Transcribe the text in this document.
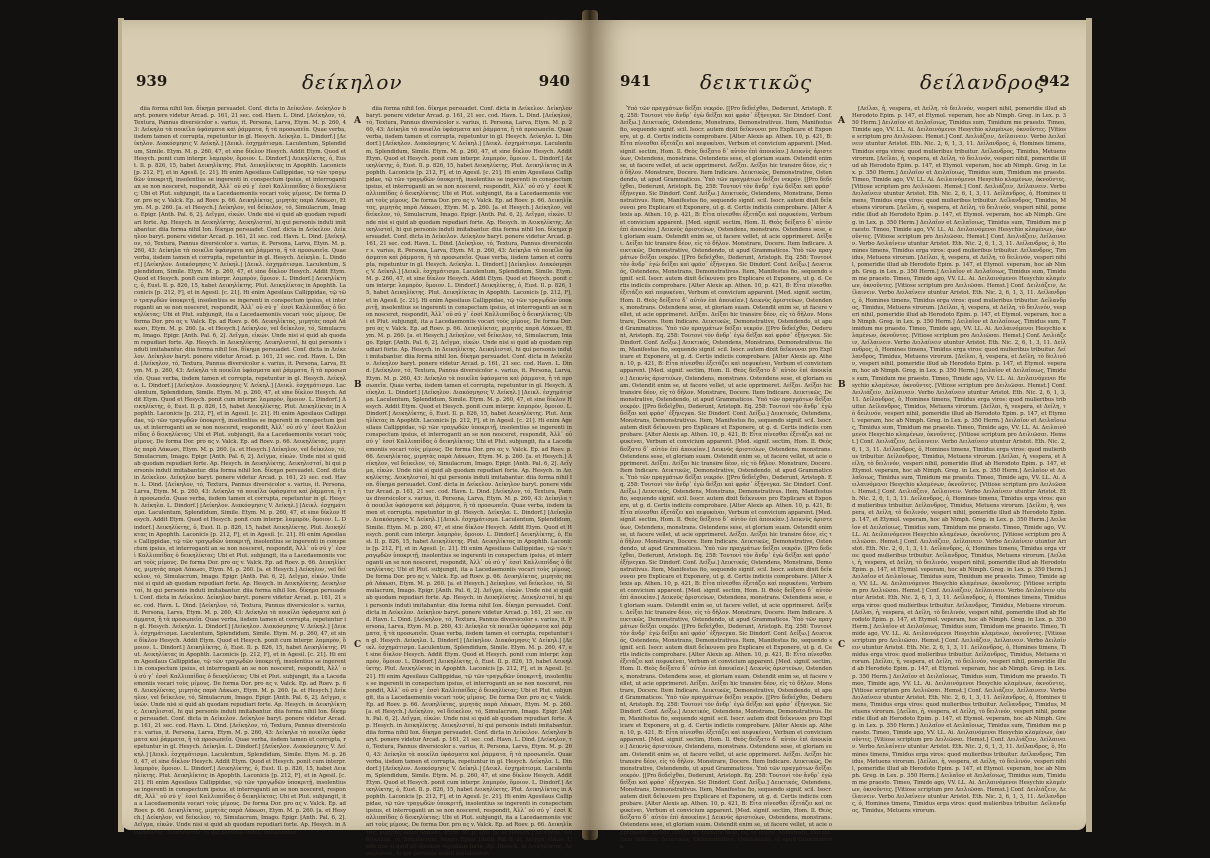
939	δείκηλον	940

diia forma nihil Ion. δίκημα persuadet. Conf. dicta in Δείκελον. Δείκηλον baryt. ponere videtur Arcad. p. 161, 21 sec. cod. Havn. L. Dind. [Δείκηλον, τό, Textura, Pannus diversicolor s. varius, it. Persona, Larva, Etym. M. p. 260, 43: Δείκηλα τὰ ποικίλα ὑφάσματα καὶ ῥάμματα, ἢ τὰ προσωπεῖα. Quae verba, iisdem tamen et corrupta, repetuntur in gl. Hesych. Δείκηλα. L. Dindorf.] [Δείκηλον. Διακόσμησις V. Δείκηλ.] [Δεικλ. ἐσχημάτισμα. Laculentum, Splendidum, Simile. Etym. M. p. 260, 47, et sine δίκλον Hesych. Addit Etym. Quod et Hesych. ponit cum interpr. λαμπρὸν, ὅμοιον. L. Dindorf.] Δεικηλίκτης, ὁ, Eust. Il. p. 826, 15, habet Δεικηλίκτης. Plut. Δεικηλίκτας in Apophth. Laconicis [p. 212, F], et in Agesil. [c. 21]. Hi enim Agesilaus Callippidae, τῷ τῶν τραγῳδῶν ὑποκριτῇ, insolentius se ingerenti in conspectum ipsius, et interroganti an se non nosceret, respondit, Ἀλλ᾽ οὐ σύ γ᾽ ἐσσὶ Καλλιππίδας ὁ δεικηλίκτας; Ubi et Plut. subjungit, ita a Lacedaemoniis vocari τοὺς μίμους. De forma Dor. pro ας v. Valck. Ep. ad Roev. p. 66. Δεικηλίκτας, μιμητὰς παρὰ Λάκωσι, Etym. M. p. 260. [a. et Hesych.] Δείκηλον, vel δείκελον, τό, Simulacrum, Imago. Epigr. [Anth. Pal. 6, 2]. Δεῖγμα, εἰκών. Unde nisi si quid ab quodam repudiari forte. Ap. Hesych. in Δεικηλίκτης. Δεικηλισταί, hi qui personis induti imitabantur. diia forma nihil Ion. δίκημα persuadet. Conf. dicta in Δείκελον. Δείκηλον baryt. ponere videtur Arcad. p. 161, 21 sec. cod. Havn. L. Dind. [Δείκηλον, τό, Textura, Pannus diversicolor s. varius, it. Persona, Larva, Etym. M. p. 260, 43: Δείκηλα τὰ ποικίλα ὑφάσματα καὶ ῥάμματα, ἢ τὰ προσωπεῖα. Quae verba, iisdem tamen et corrupta, repetuntur in gl. Hesych. Δείκηλα. L. Dindorf.] [Δείκηλον. Διακόσμησις V. Δείκηλ.] [Δεικλ. ἐσχημάτισμα. Laculentum, Splendidum, Simile. Etym. M. p. 260, 47, et sine δίκλον Hesych. Addit Etym. Quod et Hesych. ponit cum interpr. λαμπρὸν, ὅμοιον. L. Dindorf.] Δεικηλίκτης, ὁ, Eust. Il. p. 826, 15, habet Δεικηλίκτης. Plut. Δεικηλίκτας in Apophth. Laconicis [p. 212, F], et in Agesil. [c. 21]. Hi enim Agesilaus Callippidae, τῷ τῶν τραγῳδῶν ὑποκριτῇ, insolentius se ingerenti in conspectum ipsius, et interroganti an se non nosceret, respondit, Ἀλλ᾽ οὐ σύ γ᾽ ἐσσὶ Καλλιππίδας ὁ δεικηλίκτας; Ubi et Plut. subjungit, ita a Lacedaemoniis vocari τοὺς μίμους. De forma Dor. pro ας v. Valck. Ep. ad Roev. p. 66. Δεικηλίκτας, μιμητὰς παρὰ Λάκωσι, Etym. M. p. 260. [a. et Hesych.] Δείκηλον, vel δείκελον, τό, Simulacrum, Imago. Epigr. [Anth. Pal. 6, 2]. Δεῖγμα, εἰκών. Unde nisi si quid ab quodam repudiari forte. Ap. Hesych. in Δεικηλίκτης. Δεικηλισταί, hi qui personis induti imitabantur. diia forma nihil Ion. δίκημα persuadet. Conf. dicta in Δείκελον. Δείκηλον baryt. ponere videtur Arcad. p. 161, 21 sec. cod. Havn. L. Dind. [Δείκηλον, τό, Textura, Pannus diversicolor s. varius, it. Persona, Larva, Etym. M. p. 260, 43: Δείκηλα τὰ ποικίλα ὑφάσματα καὶ ῥάμματα, ἢ τὰ προσωπεῖα. Quae verba, iisdem tamen et corrupta, repetuntur in gl. Hesych. Δείκηλα. L. Dindorf.] [Δείκηλον. Διακόσμησις V. Δείκηλ.] [Δεικλ. ἐσχημάτισμα. Laculentum, Splendidum, Simile. Etym. M. p. 260, 47, et sine δίκλον Hesych. Addit Etym. Quod et Hesych. ponit cum interpr. λαμπρὸν, ὅμοιον. L. Dindorf.] Δεικηλίκτης, ὁ, Eust. Il. p. 826, 15, habet Δεικηλίκτης. Plut. Δεικηλίκτας in Apophth. Laconicis [p. 212, F], et in Agesil. [c. 21]. Hi enim Agesilaus Callippidae, τῷ τῶν τραγῳδῶν ὑποκριτῇ, insolentius se ingerenti in conspectum ipsius, et interroganti an se non nosceret, respondit, Ἀλλ᾽ οὐ σύ γ᾽ ἐσσὶ Καλλιππίδας ὁ δεικηλίκτας; Ubi et Plut. subjungit, ita a Lacedaemoniis vocari τοὺς μίμους. De forma Dor. pro ας v. Valck. Ep. ad Roev. p. 66. Δεικηλίκτας, μιμητὰς παρὰ Λάκωσι, Etym. M. p. 260. [a. et Hesych.] Δείκηλον, vel δείκελον, τό, Simulacrum, Imago. Epigr. [Anth. Pal. 6, 2]. Δεῖγμα, εἰκών. Unde nisi si quid ab quodam repudiari forte. Ap. Hesych. in Δεικηλίκτης. Δεικηλισταί, hi qui personis induti imitabantur. diia forma nihil Ion. δίκημα persuadet. Conf. dicta in Δείκελον. Δείκηλον baryt. ponere videtur Arcad. p. 161, 21 sec. cod. Havn. L. Dind. [Δείκηλον, τό, Textura, Pannus diversicolor s. varius, it. Persona, Larva, Etym. M. p. 260, 43: Δείκηλα τὰ ποικίλα ὑφάσματα καὶ ῥάμματα, ἢ τὰ προσωπεῖα. Quae verba, iisdem tamen et corrupta, repetuntur in gl. Hesych. Δείκηλα. L. Dindorf.] [Δείκηλον. Διακόσμησις V. Δείκηλ.] [Δεικλ. ἐσχημάτισμα. Laculentum, Splendidum, Simile. Etym. M. p. 260, 47, et sine δίκλον Hesych. Addit Etym. Quod et Hesych. ponit cum interpr. λαμπρὸν, ὅμοιον. L. Dindorf.] Δεικηλίκτης, ὁ, Eust. Il. p. 826, 15, habet Δεικηλίκτης. Plut. Δεικηλίκτας in Apophth. Laconicis [p. 212, F], et in Agesil. [c. 21]. Hi enim Agesilaus Callippidae, τῷ τῶν τραγῳδῶν ὑποκριτῇ, insolentius se ingerenti in conspectum ipsius, et interroganti an se non nosceret, respondit, Ἀλλ᾽ οὐ σύ γ᾽ ἐσσὶ Καλλιππίδας ὁ δεικηλίκτας; Ubi et Plut. subjungit, ita a Lacedaemoniis vocari τοὺς μίμους. De forma Dor. pro ας v. Valck. Ep. ad Roev. p. 66. Δεικηλίκτας, μιμητὰς παρὰ Λάκωσι, Etym. M. p. 260. [a. et Hesych.] Δείκηλον, vel δείκελον, τό, Simulacrum, Imago. Epigr. [Anth. Pal. 6, 2]. Δεῖγμα, εἰκών. Unde nisi si quid ab quodam repudiari forte. Ap. Hesych. in Δεικηλίκτης. Δεικηλισταί, hi qui personis induti imitabantur. diia forma nihil Ion. δίκημα persuadet. Conf. dicta in Δείκελον. Δείκηλον baryt. ponere videtur Arcad. p. 161, 21 sec. cod. Havn. L. Dind. [Δείκηλον, τό, Textura, Pannus diversicolor s. varius, it. Persona, Larva, Etym. M. p. 260, 43: Δείκηλα τὰ ποικίλα ὑφάσματα καὶ ῥάμματα, ἢ τὰ προσωπεῖα. Quae verba, iisdem tamen et corrupta, repetuntur in gl. Hesych. Δείκηλα. L. Dindorf.] [Δείκηλον. Διακόσμησις V. Δείκηλ.] [Δεικλ. ἐσχημάτισμα. Laculentum, Splendidum, Simile. Etym. M. p. 260, 47, et sine δίκλον Hesych. Addit Etym. Quod et Hesych. ponit cum interpr. λαμπρὸν, ὅμοιον. L. Dindorf.] Δεικηλίκτης, ὁ, Eust. Il. p. 826, 15, habet Δεικηλίκτης. Plut. Δεικηλίκτας in Apophth. Laconicis [p. 212, F], et in Agesil. [c. 21]. Hi enim Agesilaus Callippidae, τῷ τῶν τραγῳδῶν ὑποκριτῇ, insolentius se ingerenti in conspectum ipsius, et interroganti an se non nosceret, respondit, Ἀλλ᾽ οὐ σύ γ᾽ ἐσσὶ Καλλιππίδας ὁ δεικηλίκτας; Ubi et Plut. subjungit, ita a Lacedaemoniis vocari τοὺς μίμους. De forma Dor. pro ας v. Valck. Ep. ad Roev. p. 66. Δεικηλίκτας, μιμητὰς παρὰ Λάκωσι, Etym. M. p. 260. [a. et Hesych.] Δείκηλον, vel δείκελον, τό, Simulacrum, Imago. Epigr. [Anth. Pal. 6, 2]. Δεῖγμα, εἰκών. Unde nisi si quid ab quodam repudiari forte. Ap. Hesych. in Δεικηλίκτης. Δεικηλισταί, hi qui personis induti imitabantur. diia forma nihil Ion. δίκημα persuadet. Conf. dicta in Δείκελον. Δείκηλον baryt. ponere videtur Arcad. p. 161, 21 sec. cod. Havn. L. Dind. [Δείκηλον, τό, Textura, Pannus diversicolor s. varius, it. Persona, Larva, Etym. M. p. 260, 43: Δείκηλα τὰ ποικίλα ὑφάσματα καὶ ῥάμματα, ἢ τὰ προσωπεῖα. Quae verba, iisdem tamen et corrupta, repetuntur in gl. Hesych. Δείκηλα. L. Dindorf.] [Δείκηλον. Διακόσμησις V. Δείκηλ.] [Δεικλ. ἐσχημάτισμα. Laculentum, Splendidum, Simile. Etym. M. p. 260, 47, et sine δίκλον Hesych. Addit Etym. Quod et Hesych. ponit cum interpr. λαμπρὸν, ὅμοιον. L. Dindorf.] Δεικηλίκτης, ὁ, Eust. Il. p. 826, 15, habet Δεικηλίκτης. Plut. Δεικηλίκτας in Apophth. Laconicis [p. 212, F], et in Agesil. [c. 21]. Hi enim Agesilaus Callippidae, τῷ τῶν τραγῳδῶν ὑποκριτῇ, insolentius se ingerenti in conspectum ipsius, et interroganti an se non nosceret, respondit, Ἀλλ᾽ οὐ σύ γ᾽ ἐσσὶ Καλλιππίδας ὁ δεικηλίκτας; Ubi et Plut. subjungit, ita a Lacedaemoniis vocari τοὺς μίμους. De forma Dor. pro ας v. Valck. Ep. ad Roev. p. 66. Δεικηλίκτας, μιμητὰς παρὰ Λάκωσι, Etym. M. p. 260. [a. et Hesych.] Δείκηλον, vel δείκελον, τό, Simulacrum, Imago. Epigr. [Anth. Pal. 6, 2]. Δεῖγμα, εἰκών. Unde nisi si quid ab quodam repudiari forte. Ap. Hesych. in Δεικηλίκτης. Δεικηλισταί, hi qui personis induti imitabantur.

A
B
C

diia forma nihil Ion. δίκημα persuadet. Conf. dicta in Δείκελον. Δείκηλον baryt. ponere videtur Arcad. p. 161, 21 sec. cod. Havn. L. Dind. [Δείκηλον, τό, Textura, Pannus diversicolor s. varius, it. Persona, Larva, Etym. M. p. 260, 43: Δείκηλα τὰ ποικίλα ὑφάσματα καὶ ῥάμματα, ἢ τὰ προσωπεῖα. Quae verba, iisdem tamen et corrupta, repetuntur in gl. Hesych. Δείκηλα. L. Dindorf.] [Δείκηλον. Διακόσμησις V. Δείκηλ.] [Δεικλ. ἐσχημάτισμα. Laculentum, Splendidum, Simile. Etym. M. p. 260, 47, et sine δίκλον Hesych. Addit Etym. Quod et Hesych. ponit cum interpr. λαμπρὸν, ὅμοιον. L. Dindorf.] Δεικηλίκτης, ὁ, Eust. Il. p. 826, 15, habet Δεικηλίκτης. Plut. Δεικηλίκτας in Apophth. Laconicis [p. 212, F], et in Agesil. [c. 21]. Hi enim Agesilaus Callippidae, τῷ τῶν τραγῳδῶν ὑποκριτῇ, insolentius se ingerenti in conspectum ipsius, et interroganti an se non nosceret, respondit, Ἀλλ᾽ οὐ σύ γ᾽ ἐσσὶ Καλλιππίδας ὁ δεικηλίκτας; Ubi et Plut. subjungit, ita a Lacedaemoniis vocari τοὺς μίμους. De forma Dor. pro ας v. Valck. Ep. ad Roev. p. 66. Δεικηλίκτας, μιμητὰς παρὰ Λάκωσι, Etym. M. p. 260. [a. et Hesych.] Δείκηλον, vel δείκελον, τό, Simulacrum, Imago. Epigr. [Anth. Pal. 6, 2]. Δεῖγμα, εἰκών. Unde nisi si quid ab quodam repudiari forte. Ap. Hesych. in Δεικηλίκτης. Δεικηλισταί, hi qui personis induti imitabantur. diia forma nihil Ion. δίκημα persuadet. Conf. dicta in Δείκελον. Δείκηλον baryt. ponere videtur Arcad. p. 161, 21 sec. cod. Havn. L. Dind. [Δείκηλον, τό, Textura, Pannus diversicolor s. varius, it. Persona, Larva, Etym. M. p. 260, 43: Δείκηλα τὰ ποικίλα ὑφάσματα καὶ ῥάμματα, ἢ τὰ προσωπεῖα. Quae verba, iisdem tamen et corrupta, repetuntur in gl. Hesych. Δείκηλα. L. Dindorf.] [Δείκηλον. Διακόσμησις V. Δείκηλ.] [Δεικλ. ἐσχημάτισμα. Laculentum, Splendidum, Simile. Etym. M. p. 260, 47, et sine δίκλον Hesych. Addit Etym. Quod et Hesych. ponit cum interpr. λαμπρὸν, ὅμοιον. L. Dindorf.] Δεικηλίκτης, ὁ, Eust. Il. p. 826, 15, habet Δεικηλίκτης. Plut. Δεικηλίκτας in Apophth. Laconicis [p. 212, F], et in Agesil. [c. 21]. Hi enim Agesilaus Callippidae, τῷ τῶν τραγῳδῶν ὑποκριτῇ, insolentius se ingerenti in conspectum ipsius, et interroganti an se non nosceret, respondit, Ἀλλ᾽ οὐ σύ γ᾽ ἐσσὶ Καλλιππίδας ὁ δεικηλίκτας; Ubi et Plut. subjungit, ita a Lacedaemoniis vocari τοὺς μίμους. De forma Dor. pro ας v. Valck. Ep. ad Roev. p. 66. Δεικηλίκτας, μιμητὰς παρὰ Λάκωσι, Etym. M. p. 260. [a. et Hesych.] Δείκηλον, vel δείκελον, τό, Simulacrum, Imago. Epigr. [Anth. Pal. 6, 2]. Δεῖγμα, εἰκών. Unde nisi si quid ab quodam repudiari forte. Ap. Hesych. in Δεικηλίκτης. Δεικηλισταί, hi qui personis induti imitabantur. diia forma nihil Ion. δίκημα persuadet. Conf. dicta in Δείκελον. Δείκηλον baryt. ponere videtur Arcad. p. 161, 21 sec. cod. Havn. L. Dind. [Δείκηλον, τό, Textura, Pannus diversicolor s. varius, it. Persona, Larva, Etym. M. p. 260, 43: Δείκηλα τὰ ποικίλα ὑφάσματα καὶ ῥάμματα, ἢ τὰ προσωπεῖα. Quae verba, iisdem tamen et corrupta, repetuntur in gl. Hesych. Δείκηλα. L. Dindorf.] [Δείκηλον. Διακόσμησις V. Δείκηλ.] [Δεικλ. ἐσχημάτισμα. Laculentum, Splendidum, Simile. Etym. M. p. 260, 47, et sine δίκλον Hesych. Addit Etym. Quod et Hesych. ponit cum interpr. λαμπρὸν, ὅμοιον. L. Dindorf.] Δεικηλίκτης, ὁ, Eust. Il. p. 826, 15, habet Δεικηλίκτης. Plut. Δεικηλίκτας in Apophth. Laconicis [p. 212, F], et in Agesil. [c. 21]. Hi enim Agesilaus Callippidae, τῷ τῶν τραγῳδῶν ὑποκριτῇ, insolentius se ingerenti in conspectum ipsius, et interroganti an se non nosceret, respondit, Ἀλλ᾽ οὐ σύ γ᾽ ἐσσὶ Καλλιππίδας ὁ δεικηλίκτας; Ubi et Plut. subjungit, ita a Lacedaemoniis vocari τοὺς μίμους. De forma Dor. pro ας v. Valck. Ep. ad Roev. p. 66. Δεικηλίκτας, μιμητὰς παρὰ Λάκωσι, Etym. M. p. 260. [a. et Hesych.] Δείκηλον, vel δείκελον, τό, Simulacrum, Imago. Epigr. [Anth. Pal. 6, 2]. Δεῖγμα, εἰκών. Unde nisi si quid ab quodam repudiari forte. Ap. Hesych. in Δεικηλίκτης. Δεικηλισταί, hi qui personis induti imitabantur. diia forma nihil Ion. δίκημα persuadet. Conf. dicta in Δείκελον. Δείκηλον baryt. ponere videtur Arcad. p. 161, 21 sec. cod. Havn. L. Dind. [Δείκηλον, τό, Textura, Pannus diversicolor s. varius, it. Persona, Larva, Etym. M. p. 260, 43: Δείκηλα τὰ ποικίλα ὑφάσματα καὶ ῥάμματα, ἢ τὰ προσωπεῖα. Quae verba, iisdem tamen et corrupta, repetuntur in gl. Hesych. Δείκηλα. L. Dindorf.] [Δείκηλον. Διακόσμησις V. Δείκηλ.] [Δεικλ. ἐσχημάτισμα. Laculentum, Splendidum, Simile. Etym. M. p. 260, 47, et sine δίκλον Hesych. Addit Etym. Quod et Hesych. ponit cum interpr. λαμπρὸν, ὅμοιον. L. Dindorf.] Δεικηλίκτης, ὁ, Eust. Il. p. 826, 15, habet Δεικηλίκτης. Plut. Δεικηλίκτας in Apophth. Laconicis [p. 212, F], et in Agesil. [c. 21]. Hi enim Agesilaus Callippidae, τῷ τῶν τραγῳδῶν ὑποκριτῇ, insolentius se ingerenti in conspectum ipsius, et interroganti an se non nosceret, respondit, Ἀλλ᾽ οὐ σύ γ᾽ ἐσσὶ Καλλιππίδας ὁ δεικηλίκτας; Ubi et Plut. subjungit, ita a Lacedaemoniis vocari τοὺς μίμους. De forma Dor. pro ας v. Valck. Ep. ad Roev. p. 66. Δεικηλίκτας, μιμητὰς παρὰ Λάκωσι, Etym. M. p. 260. [a. et Hesych.] Δείκηλον, vel δείκελον, τό, Simulacrum, Imago. Epigr. [Anth. Pal. 6, 2]. Δεῖγμα, εἰκών. Unde nisi si quid ab quodam repudiari forte. Ap. Hesych. in Δεικηλίκτης. Δεικηλισταί, hi qui personis induti imitabantur. diia forma nihil Ion. δίκημα persuadet. Conf. dicta in Δείκελον. Δείκηλον baryt. ponere videtur Arcad. p. 161, 21 sec. cod. Havn. L. Dind. [Δείκηλον, τό, Textura, Pannus diversicolor s. varius, it. Persona, Larva, Etym. M. p. 260, 43: Δείκηλα τὰ ποικίλα ὑφάσματα καὶ ῥάμματα, ἢ τὰ προσωπεῖα. Quae verba, iisdem tamen et corrupta, repetuntur in gl. Hesych. Δείκηλα. L. Dindorf.] [Δείκηλον. Διακόσμησις V. Δείκηλ.] [Δεικλ. ἐσχημάτισμα. Laculentum, Splendidum, Simile. Etym. M. p. 260, 47, et sine δίκλον Hesych. Addit Etym. Quod et Hesych. ponit cum interpr. λαμπρὸν, ὅμοιον. L. Dindorf.] Δεικηλίκτης, ὁ, Eust. Il. p. 826, 15, habet Δεικηλίκτης. Plut. Δεικηλίκτας in Apophth. Laconicis [p. 212, F], et in Agesil. [c. 21]. Hi enim Agesilaus Callippidae, τῷ τῶν τραγῳδῶν ὑποκριτῇ, insolentius se ingerenti in conspectum ipsius, et interroganti an se non nosceret, respondit, Ἀλλ᾽ οὐ σύ γ᾽ ἐσσὶ Καλλιππίδας ὁ δεικηλίκτας; Ubi et Plut. subjungit, ita a Lacedaemoniis vocari τοὺς μίμους. De forma Dor. pro ας v. Valck. Ep. ad Roev. p. 66. Δεικηλίκτας, μιμητὰς παρὰ Λάκωσι, Etym. M. p. 260. [a. et Hesych.] Δείκηλον, vel δείκελον, τό, Simulacrum, Imago. Epigr. [Anth. Pal. 6, 2]. Δεῖγμα, εἰκών. Unde nisi si quid ab quodam repudiari forte. Ap. Hesych. in Δεικηλίκτης. Δεικηλισταί, hi qui personis induti imitabantur. diia forma nihil Ion. δίκημα persuadet. Conf. dicta in Δείκελον. Δείκηλον baryt. ponere videtur Arcad. p. 161, 21 sec. cod. Havn. L. Dind. [Δείκηλον, τό, Textura, Pannus diversicolor s. varius, it. Persona, Larva, Etym. M. p. 260, 43: Δείκηλα τὰ ποικίλα ὑφάσματα καὶ ῥάμματα, ἢ τὰ προσωπεῖα. Quae verba, iisdem tamen et corrupta, repetuntur in gl. Hesych. Δείκηλα. L. Dindorf.] [Δείκηλον. Διακόσμησις V. Δείκηλ.] [Δεικλ. ἐσχημάτισμα. Laculentum, Splendidum, Simile. Etym. M. p. 260, 47, et sine δίκλον Hesych. Addit Etym. Quod et Hesych. ponit cum interpr. λαμπρὸν, ὅμοιον. L. Dindorf.] Δεικηλίκτης, ὁ, Eust. Il. p. 826, 15, habet Δεικηλίκτης. Plut. Δεικηλίκτας in Apophth. Laconicis [p. 212, F], et in Agesil. [c. 21]. Hi enim Agesilaus Callippidae, τῷ τῶν τραγῳδῶν ὑποκριτῇ, insolentius se ingerenti in conspectum ipsius, et interroganti an se non nosceret, respondit, Ἀλλ᾽ οὐ σύ γ᾽ ἐσσὶ Καλλιππίδας ὁ δεικηλίκτας; Ubi et Plut. subjungit, ita a Lacedaemoniis vocari τοὺς μίμους. De forma Dor. pro ας v. Valck. Ep. ad Roev. p. 66. Δεικηλίκτας, μιμητὰς παρὰ Λάκωσι, Etym. M. p. 260. [a. et Hesych.] Δείκηλον, vel δείκελον, τό, Simulacrum, Imago. Epigr. [Anth. Pal. 6, 2]. Δεῖγμα, εἰκών. Unde nisi si quid ab quodam repudiari forte. Ap. Hesych. in Δεικηλίκτης. Δεικηλισταί, hi qui personis induti imitabantur.

941 δεικτικῶς	δείλανδρος
942

Ὑπὸ τῶν πραγμάτων δεῖξαι νεκρόν. [[Pro δεδεῖχθαι, Dederunt, Aristoph. Eq. 258: Τουτονὶ τὸν ἄνδρ᾽ ἐγὼ δεῖξαι καὶ φράσ᾽ ἐξήνεγκα. Sic Dindorf. Conf. Δείξω.] Δεικτικός, Ostendens, Monstrans, Demonstrativus. Item, Manifestus fio, sequendo signif. scil. Isocr. autem dixit δεῖκνυναι pro Explicare et Exponere, ut g. d. Certis indiciis comprobare. [Alter Alexis ap. Athen. 10, p. 421, B: Εἶτα πίνεσθαι ἐξετάζει καὶ πεφυκέναι, Verbum et convicium apparent. [Med. signif. sectim, Hom. Il. Θεὸς δείξατο δ᾽ αὐτὸν ἐπὶ ἀποικίαν.] Δεικνὺς ἀριστεύων, Ostendens, monstrans. Ostendens sese, et gloriam suam. Ostendit enim se, ut facere vellet, ut acie opprimeret. Δεῖξαι. Δείξαι hic transire δέον, εἰς τὸ δῆλον. Monstrare, Docere. Item Indicare. Δεικτικῶς, Demonstrative, Ostendendo, ut apud Grammaticos. Ὑπὸ τῶν πραγμάτων δεῖξαι νεκρόν. [[Pro δεδεῖχθαι, Dederunt, Aristoph. Eq. 258: Τουτονὶ τὸν ἄνδρ᾽ ἐγὼ δεῖξαι καὶ φράσ᾽ ἐξήνεγκα. Sic Dindorf. Conf. Δείξω.] Δεικτικός, Ostendens, Monstrans, Demonstrativus. Item, Manifestus fio, sequendo signif. scil. Isocr. autem dixit δεῖκνυναι pro Explicare et Exponere, ut g. d. Certis indiciis comprobare. [Alter Alexis ap. Athen. 10, p. 421, B: Εἶτα πίνεσθαι ἐξετάζει καὶ πεφυκέναι, Verbum et convicium apparent. [Med. signif. sectim, Hom. Il. Θεὸς δείξατο δ᾽ αὐτὸν ἐπὶ ἀποικίαν.] Δεικνὺς ἀριστεύων, Ostendens, monstrans. Ostendens sese, et gloriam suam. Ostendit enim se, ut facere vellet, ut acie opprimeret. Δεῖξαι. Δείξαι hic transire δέον, εἰς τὸ δῆλον. Monstrare, Docere. Item Indicare. Δεικτικῶς, Demonstrative, Ostendendo, ut apud Grammaticos. Ὑπὸ τῶν πραγμάτων δεῖξαι νεκρόν. [[Pro δεδεῖχθαι, Dederunt, Aristoph. Eq. 258: Τουτονὶ τὸν ἄνδρ᾽ ἐγὼ δεῖξαι καὶ φράσ᾽ ἐξήνεγκα. Sic Dindorf. Conf. Δείξω.] Δεικτικός, Ostendens, Monstrans, Demonstrativus. Item, Manifestus fio, sequendo signif. scil. Isocr. autem dixit δεῖκνυναι pro Explicare et Exponere, ut g. d. Certis indiciis comprobare. [Alter Alexis ap. Athen. 10, p. 421, B: Εἶτα πίνεσθαι ἐξετάζει καὶ πεφυκέναι, Verbum et convicium apparent. [Med. signif. sectim, Hom. Il. Θεὸς δείξατο δ᾽ αὐτὸν ἐπὶ ἀποικίαν.] Δεικνὺς ἀριστεύων, Ostendens, monstrans. Ostendens sese, et gloriam suam. Ostendit enim se, ut facere vellet, ut acie opprimeret. Δεῖξαι. Δείξαι hic transire δέον, εἰς τὸ δῆλον. Monstrare, Docere. Item Indicare. Δεικτικῶς, Demonstrative, Ostendendo, ut apud Grammaticos. Ὑπὸ τῶν πραγμάτων δεῖξαι νεκρόν. [[Pro δεδεῖχθαι, Dederunt, Aristoph. Eq. 258: Τουτονὶ τὸν ἄνδρ᾽ ἐγὼ δεῖξαι καὶ φράσ᾽ ἐξήνεγκα. Sic Dindorf. Conf. Δείξω.] Δεικτικός, Ostendens, Monstrans, Demonstrativus. Item, Manifestus fio, sequendo signif. scil. Isocr. autem dixit δεῖκνυναι pro Explicare et Exponere, ut g. d. Certis indiciis comprobare. [Alter Alexis ap. Athen. 10, p. 421, B: Εἶτα πίνεσθαι ἐξετάζει καὶ πεφυκέναι, Verbum et convicium apparent. [Med. signif. sectim, Hom. Il. Θεὸς δείξατο δ᾽ αὐτὸν ἐπὶ ἀποικίαν.] Δεικνὺς ἀριστεύων, Ostendens, monstrans. Ostendens sese, et gloriam suam. Ostendit enim se, ut facere vellet, ut acie opprimeret. Δεῖξαι. Δείξαι hic transire δέον, εἰς τὸ δῆλον. Monstrare, Docere. Item Indicare. Δεικτικῶς, Demonstrative, Ostendendo, ut apud Grammaticos. Ὑπὸ τῶν πραγμάτων δεῖξαι νεκρόν. [[Pro δεδεῖχθαι, Dederunt, Aristoph. Eq. 258: Τουτονὶ τὸν ἄνδρ᾽ ἐγὼ δεῖξαι καὶ φράσ᾽ ἐξήνεγκα. Sic Dindorf. Conf. Δείξω.] Δεικτικός, Ostendens, Monstrans, Demonstrativus. Item, Manifestus fio, sequendo signif. scil. Isocr. autem dixit δεῖκνυναι pro Explicare et Exponere, ut g. d. Certis indiciis comprobare. [Alter Alexis ap. Athen. 10, p. 421, B: Εἶτα πίνεσθαι ἐξετάζει καὶ πεφυκέναι, Verbum et convicium apparent. [Med. signif. sectim, Hom. Il. Θεὸς δείξατο δ᾽ αὐτὸν ἐπὶ ἀποικίαν.] Δεικνὺς ἀριστεύων, Ostendens, monstrans. Ostendens sese, et gloriam suam. Ostendit enim se, ut facere vellet, ut acie opprimeret. Δεῖξαι. Δείξαι hic transire δέον, εἰς τὸ δῆλον. Monstrare, Docere. Item Indicare. Δεικτικῶς, Demonstrative, Ostendendo, ut apud Grammaticos. Ὑπὸ τῶν πραγμάτων δεῖξαι νεκρόν. [[Pro δεδεῖχθαι, Dederunt, Aristoph. Eq. 258: Τουτονὶ τὸν ἄνδρ᾽ ἐγὼ δεῖξαι καὶ φράσ᾽ ἐξήνεγκα. Sic Dindorf. Conf. Δείξω.] Δεικτικός, Ostendens, Monstrans, Demonstrativus. Item, Manifestus fio, sequendo signif. scil. Isocr. autem dixit δεῖκνυναι pro Explicare et Exponere, ut g. d. Certis indiciis comprobare. [Alter Alexis ap. Athen. 10, p. 421, B: Εἶτα πίνεσθαι ἐξετάζει καὶ πεφυκέναι, Verbum et convicium apparent. [Med. signif. sectim, Hom. Il. Θεὸς δείξατο δ᾽ αὐτὸν ἐπὶ ἀποικίαν.] Δεικνὺς ἀριστεύων, Ostendens, monstrans. Ostendens sese, et gloriam suam. Ostendit enim se, ut facere vellet, ut acie opprimeret. Δεῖξαι. Δείξαι hic transire δέον, εἰς τὸ δῆλον. Monstrare, Docere. Item Indicare. Δεικτικῶς, Demonstrative, Ostendendo, ut apud Grammaticos. Ὑπὸ τῶν πραγμάτων δεῖξαι νεκρόν. [[Pro δεδεῖχθαι, Dederunt, Aristoph. Eq. 258: Τουτονὶ τὸν ἄνδρ᾽ ἐγὼ δεῖξαι καὶ φράσ᾽ ἐξήνεγκα. Sic Dindorf. Conf. Δείξω.] Δεικτικός, Ostendens, Monstrans, Demonstrativus. Item, Manifestus fio, sequendo signif. scil. Isocr. autem dixit δεῖκνυναι pro Explicare et Exponere, ut g. d. Certis indiciis comprobare. [Alter Alexis ap. Athen. 10, p. 421, B: Εἶτα πίνεσθαι ἐξετάζει καὶ πεφυκέναι, Verbum et convicium apparent. [Med. signif. sectim, Hom. Il. Θεὸς δείξατο δ᾽ αὐτὸν ἐπὶ ἀποικίαν.] Δεικνὺς ἀριστεύων, Ostendens, monstrans. Ostendens sese, et gloriam suam. Ostendit enim se, ut facere vellet, ut acie opprimeret. Δεῖξαι. Δείξαι hic transire δέον, εἰς τὸ δῆλον. Monstrare, Docere. Item Indicare. Δεικτικῶς, Demonstrative, Ostendendo, ut apud Grammaticos. Ὑπὸ τῶν πραγμάτων δεῖξαι νεκρόν. [[Pro δεδεῖχθαι, Dederunt, Aristoph. Eq. 258: Τουτονὶ τὸν ἄνδρ᾽ ἐγὼ δεῖξαι καὶ φράσ᾽ ἐξήνεγκα. Sic Dindorf. Conf. Δείξω.] Δεικτικός, Ostendens, Monstrans, Demonstrativus. Item, Manifestus fio, sequendo signif. scil. Isocr. autem dixit δεῖκνυναι pro Explicare et Exponere, ut g. d. Certis indiciis comprobare. [Alter Alexis ap. Athen. 10, p. 421, B: Εἶτα πίνεσθαι ἐξετάζει καὶ πεφυκέναι, Verbum et convicium apparent. [Med. signif. sectim, Hom. Il. Θεὸς δείξατο δ᾽ αὐτὸν ἐπὶ ἀποικίαν.] Δεικνὺς ἀριστεύων, Ostendens, monstrans. Ostendens sese, et gloriam suam. Ostendit enim se, ut facere vellet, ut acie opprimeret. Δεῖξαι. Δείξαι hic transire δέον, εἰς τὸ δῆλον. Monstrare, Docere. Item Indicare. Δεικτικῶς, Demonstrative, Ostendendo, ut apud Grammaticos. Ὑπὸ τῶν πραγμάτων δεῖξαι νεκρόν. [[Pro δεδεῖχθαι, Dederunt, Aristoph. Eq. 258: Τουτονὶ τὸν ἄνδρ᾽ ἐγὼ δεῖξαι καὶ φράσ᾽ ἐξήνεγκα. Sic Dindorf. Conf. Δείξω.] Δεικτικός, Ostendens, Monstrans, Demonstrativus. Item, Manifestus fio, sequendo signif. scil. Isocr. autem dixit δεῖκνυναι pro Explicare et Exponere, ut g. d. Certis indiciis comprobare. [Alter Alexis ap. Athen. 10, p. 421, B: Εἶτα πίνεσθαι ἐξετάζει καὶ πεφυκέναι, Verbum et convicium apparent. [Med. signif. sectim, Hom. Il. Θεὸς δείξατο δ᾽ αὐτὸν ἐπὶ ἀποικίαν.] Δεικνὺς ἀριστεύων, Ostendens, monstrans. Ostendens sese, et gloriam suam. Ostendit enim se, ut facere vellet, ut acie opprimeret. Δεῖξαι. Δείξαι hic transire δέον, εἰς τὸ δῆλον. Monstrare, Docere. Item Indicare. Δεικτικῶς, Demonstrative, Ostendendo, ut apud Grammaticos. Ὑπὸ τῶν πραγμάτων δεῖξαι νεκρόν. [[Pro δεδεῖχθαι, Dederunt, Aristoph. Eq. 258: Τουτονὶ τὸν ἄνδρ᾽ ἐγὼ δεῖξαι καὶ φράσ᾽ ἐξήνεγκα. Sic Dindorf. Conf. Δείξω.] Δεικτικός, Ostendens, Monstrans, Demonstrativus. Item, Manifestus fio, sequendo signif. scil. Isocr. autem dixit δεῖκνυναι pro Explicare et Exponere, ut g. d. Certis indiciis comprobare. [Alter Alexis ap. Athen. 10, p. 421, B: Εἶτα πίνεσθαι ἐξετάζει καὶ πεφυκέναι, Verbum et convicium apparent. [Med. signif. sectim, Hom. Il. Θεὸς δείξατο δ᾽ αὐτὸν ἐπὶ ἀποικίαν.] Δεικνὺς ἀριστεύων, Ostendens, monstrans. Ostendens sese, et gloriam suam. Ostendit enim se, ut facere vellet, ut acie opprimeret. Δεῖξαι. Δείξαι hic transire δέον, εἰς τὸ δῆλον. Monstrare, Docere. Item Indicare. Δεικτικῶς, Demonstrative, Ostendendo, ut apud Grammaticos.

A
B
C

[Δείλαι, ἡ, vespera, et Δείλη, τὸ δειλινόν, vesperi nihil, pomeridie illud ab Herodoto Epim. p. 147, et Etymol. veperam, hoc ab Nimph. Greg. in Lex. p. 350 Herm.] Δειλαῖον et Δειλαῖοιως, Timidus sum, Timidum me praesto. Timeo, Timide ago, VV. LL. Ai. Δειλαινόμενοι Hesychio κλαμένων, ὀκνοῦντες. [Vitiose scriptum pro Δειλιῶσαι. Hemst.] Conf. Δειλιάζειν, Δείλαινειν. Verbo Δειλαίνειν utuntur Aristot. Eth. Nic. 2, 6, 1, 3, 11. Δείλανδρος, ὁ, Homines timens, Timidus erga viros: quod mulieribus tribuitur. Δείλανδρος, Timidus, Metuens virorum. [Δείλαι, ἡ, vespera, et Δείλη, τὸ δειλινόν, vesperi nihil, pomeridie illud ab Herodoto Epim. p. 147, et Etymol. veperam, hoc ab Nimph. Greg. in Lex. p. 350 Herm.] Δειλαῖον et Δειλαῖοιως, Timidus sum, Timidum me praesto. Timeo, Timide ago, VV. LL. Ai. Δειλαινόμενοι Hesychio κλαμένων, ὀκνοῦντες. [Vitiose scriptum pro Δειλιῶσαι. Hemst.] Conf. Δειλιάζειν, Δείλαινειν. Verbo Δειλαίνειν utuntur Aristot. Eth. Nic. 2, 6, 1, 3, 11. Δείλανδρος, ὁ, Homines timens, Timidus erga viros: quod mulieribus tribuitur. Δείλανδρος, Timidus, Metuens virorum. [Δείλαι, ἡ, vespera, et Δείλη, τὸ δειλινόν, vesperi nihil, pomeridie illud ab Herodoto Epim. p. 147, et Etymol. veperam, hoc ab Nimph. Greg. in Lex. p. 350 Herm.] Δειλαῖον et Δειλαῖοιως, Timidus sum, Timidum me praesto. Timeo, Timide ago, VV. LL. Ai. Δειλαινόμενοι Hesychio κλαμένων, ὀκνοῦντες. [Vitiose scriptum pro Δειλιῶσαι. Hemst.] Conf. Δειλιάζειν, Δείλαινειν. Verbo Δειλαίνειν utuntur Aristot. Eth. Nic. 2, 6, 1, 3, 11. Δείλανδρος, ὁ, Homines timens, Timidus erga viros: quod mulieribus tribuitur. Δείλανδρος, Timidus, Metuens virorum. [Δείλαι, ἡ, vespera, et Δείλη, τὸ δειλινόν, vesperi nihil, pomeridie illud ab Herodoto Epim. p. 147, et Etymol. veperam, hoc ab Nimph. Greg. in Lex. p. 350 Herm.] Δειλαῖον et Δειλαῖοιως, Timidus sum, Timidum me praesto. Timeo, Timide ago, VV. LL. Ai. Δειλαινόμενοι Hesychio κλαμένων, ὀκνοῦντες. [Vitiose scriptum pro Δειλιῶσαι. Hemst.] Conf. Δειλιάζειν, Δείλαινειν. Verbo Δειλαίνειν utuntur Aristot. Eth. Nic. 2, 6, 1, 3, 11. Δείλανδρος, ὁ, Homines timens, Timidus erga viros: quod mulieribus tribuitur. Δείλανδρος, Timidus, Metuens virorum. [Δείλαι, ἡ, vespera, et Δείλη, τὸ δειλινόν, vesperi nihil, pomeridie illud ab Herodoto Epim. p. 147, et Etymol. veperam, hoc ab Nimph. Greg. in Lex. p. 350 Herm.] Δειλαῖον et Δειλαῖοιως, Timidus sum, Timidum me praesto. Timeo, Timide ago, VV. LL. Ai. Δειλαινόμενοι Hesychio κλαμένων, ὀκνοῦντες. [Vitiose scriptum pro Δειλιῶσαι. Hemst.] Conf. Δειλιάζειν, Δείλαινειν. Verbo Δειλαίνειν utuntur Aristot. Eth. Nic. 2, 6, 1, 3, 11. Δείλανδρος, ὁ, Homines timens, Timidus erga viros: quod mulieribus tribuitur. Δείλανδρος, Timidus, Metuens virorum. [Δείλαι, ἡ, vespera, et Δείλη, τὸ δειλινόν, vesperi nihil, pomeridie illud ab Herodoto Epim. p. 147, et Etymol. veperam, hoc ab Nimph. Greg. in Lex. p. 350 Herm.] Δειλαῖον et Δειλαῖοιως, Timidus sum, Timidum me praesto. Timeo, Timide ago, VV. LL. Ai. Δειλαινόμενοι Hesychio κλαμένων, ὀκνοῦντες. [Vitiose scriptum pro Δειλιῶσαι. Hemst.] Conf. Δειλιάζειν, Δείλαινειν. Verbo Δειλαίνειν utuntur Aristot. Eth. Nic. 2, 6, 1, 3, 11. Δείλανδρος, ὁ, Homines timens, Timidus erga viros: quod mulieribus tribuitur. Δείλανδρος, Timidus, Metuens virorum. [Δείλαι, ἡ, vespera, et Δείλη, τὸ δειλινόν, vesperi nihil, pomeridie illud ab Herodoto Epim. p. 147, et Etymol. veperam, hoc ab Nimph. Greg. in Lex. p. 350 Herm.] Δειλαῖον et Δειλαῖοιως, Timidus sum, Timidum me praesto. Timeo, Timide ago, VV. LL. Ai. Δειλαινόμενοι Hesychio κλαμένων, ὀκνοῦντες. [Vitiose scriptum pro Δειλιῶσαι. Hemst.] Conf. Δειλιάζειν, Δείλαινειν. Verbo Δειλαίνειν utuntur Aristot. Eth. Nic. 2, 6, 1, 3, 11. Δείλανδρος, ὁ, Homines timens, Timidus erga viros: quod mulieribus tribuitur. Δείλανδρος, Timidus, Metuens virorum. [Δείλαι, ἡ, vespera, et Δείλη, τὸ δειλινόν, vesperi nihil, pomeridie illud ab Herodoto Epim. p. 147, et Etymol. veperam, hoc ab Nimph. Greg. in Lex. p. 350 Herm.] Δειλαῖον et Δειλαῖοιως, Timidus sum, Timidum me praesto. Timeo, Timide ago, VV. LL. Ai. Δειλαινόμενοι Hesychio κλαμένων, ὀκνοῦντες. [Vitiose scriptum pro Δειλιῶσαι. Hemst.] Conf. Δειλιάζειν, Δείλαινειν. Verbo Δειλαίνειν utuntur Aristot. Eth. Nic. 2, 6, 1, 3, 11. Δείλανδρος, ὁ, Homines timens, Timidus erga viros: quod mulieribus tribuitur. Δείλανδρος, Timidus, Metuens virorum. [Δείλαι, ἡ, vespera, et Δείλη, τὸ δειλινόν, vesperi nihil, pomeridie illud ab Herodoto Epim. p. 147, et Etymol. veperam, hoc ab Nimph. Greg. in Lex. p. 350 Herm.] Δειλαῖον et Δειλαῖοιως, Timidus sum, Timidum me praesto. Timeo, Timide ago, VV. LL. Ai. Δειλαινόμενοι Hesychio κλαμένων, ὀκνοῦντες. [Vitiose scriptum pro Δειλιῶσαι. Hemst.] Conf. Δειλιάζειν, Δείλαινειν. Verbo Δειλαίνειν utuntur Aristot. Eth. Nic. 2, 6, 1, 3, 11. Δείλανδρος, ὁ, Homines timens, Timidus erga viros: quod mulieribus tribuitur. Δείλανδρος, Timidus, Metuens virorum. [Δείλαι, ἡ, vespera, et Δείλη, τὸ δειλινόν, vesperi nihil, pomeridie illud ab Herodoto Epim. p. 147, et Etymol. veperam, hoc ab Nimph. Greg. in Lex. p. 350 Herm.] Δειλαῖον et Δειλαῖοιως, Timidus sum, Timidum me praesto. Timeo, Timide ago, VV. LL. Ai. Δειλαινόμενοι Hesychio κλαμένων, ὀκνοῦντες. [Vitiose scriptum pro Δειλιῶσαι. Hemst.] Conf. Δειλιάζειν, Δείλαινειν. Verbo Δειλαίνειν utuntur Aristot. Eth. Nic. 2, 6, 1, 3, 11. Δείλανδρος, ὁ, Homines timens, Timidus erga viros: quod mulieribus tribuitur. Δείλανδρος, Timidus, Metuens virorum. [Δείλαι, ἡ, vespera, et Δείλη, τὸ δειλινόν, vesperi nihil, pomeridie illud ab Herodoto Epim. p. 147, et Etymol. veperam, hoc ab Nimph. Greg. in Lex. p. 350 Herm.] Δειλαῖον et Δειλαῖοιως, Timidus sum, Timidum me praesto. Timeo, Timide ago, VV. LL. Ai. Δειλαινόμενοι Hesychio κλαμένων, ὀκνοῦντες. [Vitiose scriptum pro Δειλιῶσαι. Hemst.] Conf. Δειλιάζειν, Δείλαινειν. Verbo Δειλαίνειν utuntur Aristot. Eth. Nic. 2, 6, 1, 3, 11. Δείλανδρος, ὁ, Homines timens, Timidus erga viros: quod mulieribus tribuitur. Δείλανδρος, Timidus, Metuens virorum. [Δείλαι, ἡ, vespera, et Δείλη, τὸ δειλινόν, vesperi nihil, pomeridie illud ab Herodoto Epim. p. 147, et Etymol. veperam, hoc ab Nimph. Greg. in Lex. p. 350 Herm.] Δειλαῖον et Δειλαῖοιως, Timidus sum, Timidum me praesto. Timeo, Timide ago, VV. LL. Ai. Δειλαινόμενοι Hesychio κλαμένων, ὀκνοῦντες. [Vitiose scriptum pro Δειλιῶσαι. Hemst.] Conf. Δειλιάζειν, Δείλαινειν. Verbo Δειλαίνειν utuntur Aristot. Eth. Nic. 2, 6, 1, 3, 11. Δείλανδρος, ὁ, Homines timens, Timidus erga viros: quod mulieribus tribuitur. Δείλανδρος, Timidus, Metuens virorum. [Δείλαι, ἡ, vespera, et Δείλη, τὸ δειλινόν, vesperi nihil, pomeridie illud ab Herodoto Epim. p. 147, et Etymol. veperam, hoc ab Nimph. Greg. in Lex. p. 350 Herm.] Δειλαῖον et Δειλαῖοιως, Timidus sum, Timidum me praesto. Timeo, Timide ago, VV. LL. Ai. Δειλαινόμενοι Hesychio κλαμένων, ὀκνοῦντες. [Vitiose scriptum pro Δειλιῶσαι. Hemst.] Conf. Δειλιάζειν, Δείλαινειν. Verbo Δειλαίνειν utuntur Aristot. Eth. Nic. 2, 6, 1, 3, 11. Δείλανδρος, ὁ, Homines timens, Timidus erga viros: quod mulieribus tribuitur. Δείλανδρος, Timidus, Metuens virorum. [Δείλαι, ἡ, vespera, et Δείλη, τὸ δειλινόν, vesperi nihil, pomeridie illud ab Herodoto Epim. p. 147, et Etymol. veperam, hoc ab Nimph. Greg. in Lex. p. 350 Herm.] Δειλαῖον et Δειλαῖοιως, Timidus sum, Timidum me praesto. Timeo, Timide ago, VV. LL. Ai. Δειλαινόμενοι Hesychio κλαμένων, ὀκνοῦντες. [Vitiose scriptum pro Δειλιῶσαι. Hemst.] Conf. Δειλιάζειν, Δείλαινειν. Verbo Δειλαίνειν utuntur Aristot. Eth. Nic. 2, 6, 1, 3, 11. Δείλανδρος, ὁ, Homines timens, Timidus erga viros: quod mulieribus tribuitur. Δείλανδρος, Timidus, Metuens virorum.
